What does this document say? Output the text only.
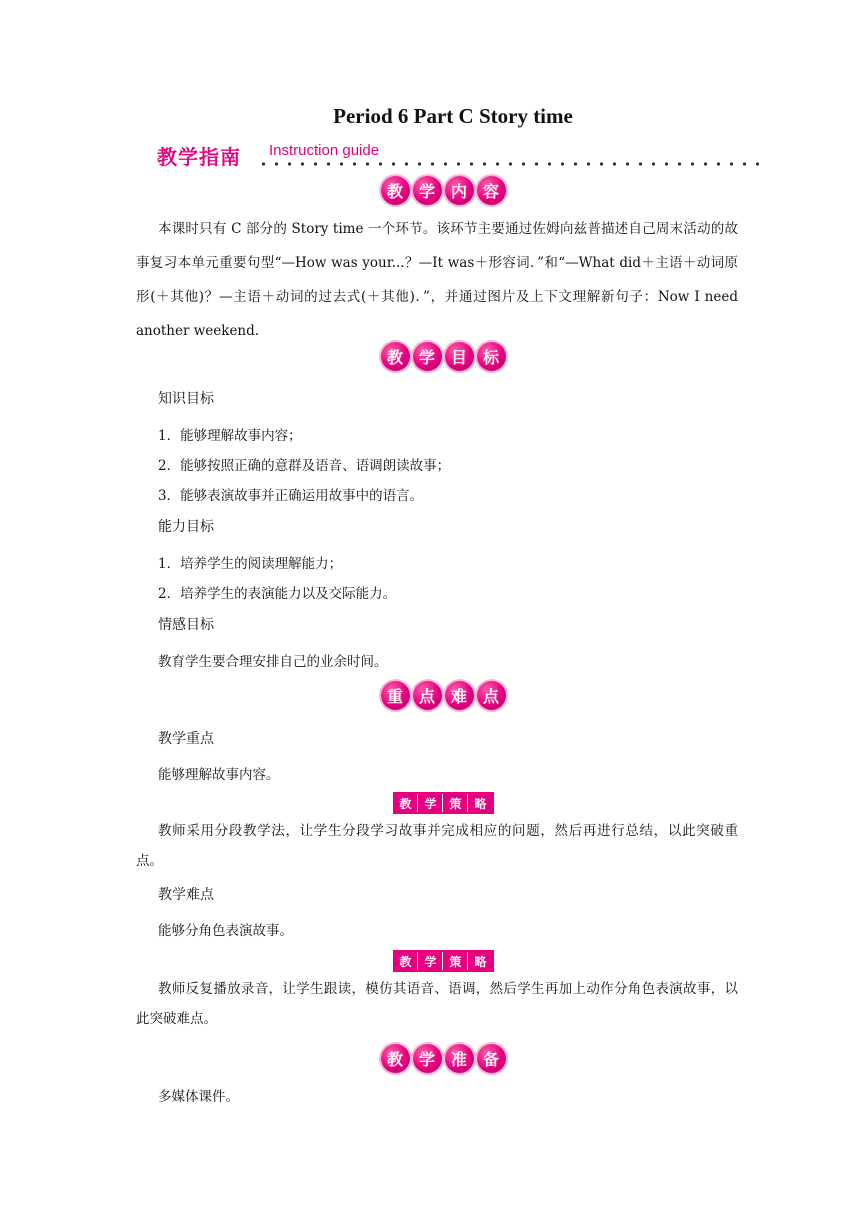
Period 6 Part C Story time
教学指南 Instruction guide
教 学 内 容
本课时只有 C 部分的 Story time 一个环节。该环节主要通过佐姆向兹普描述自己周末活动的故事复习本单元重要句型“—How was your...？—It was＋形容词．”和“—What did＋主语＋动词原形(＋其他)？—主语＋动词的过去式(＋其他)．”，并通过图片及上下文理解新句子：Now I need another weekend.
教 学 目 标
知识目标
1．能够理解故事内容；
2．能够按照正确的意群及语音、语调朗读故事；
3．能够表演故事并正确运用故事中的语言。
能力目标
1．培养学生的阅读理解能力；
2．培养学生的表演能力以及交际能力。
情感目标
教育学生要合理安排自己的业余时间。
重 点 难 点
教学重点
能够理解故事内容。
教	学	策	略
教师采用分段教学法，让学生分段学习故事并完成相应的问题，然后再进行总结，以此突破重点。
教学难点
能够分角色表演故事。
教	学	策	略
教师反复播放录音，让学生跟读，模仿其语音、语调，然后学生再加上动作分角色表演故事，以此突破难点。
教 学 准 备
多媒体课件。
